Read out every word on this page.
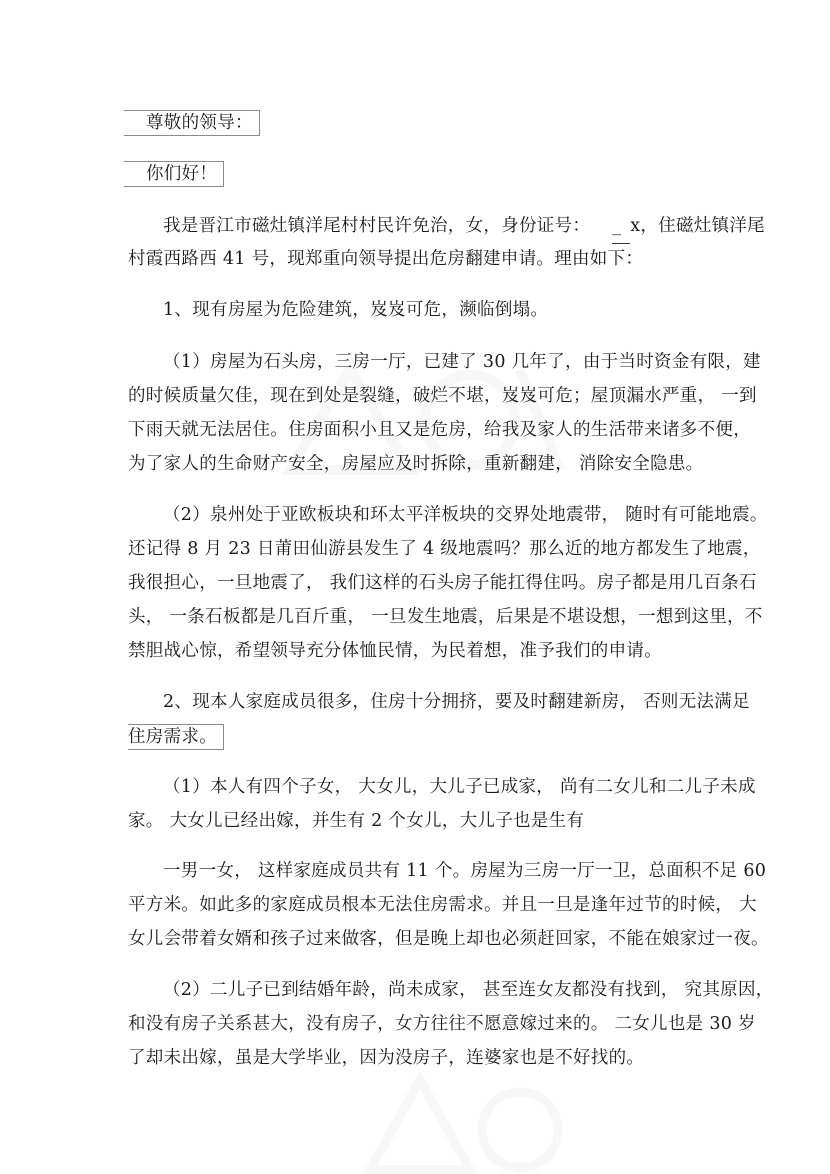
尊敬的领导：
你们好！
我是晋江市磁灶镇洋尾村村民许免治，女，身份证号： _ x，住磁灶镇洋尾
村霞西路西 41 号，现郑重向领导提出危房翻建申请。理由如下：
1、现有房屋为危险建筑，岌岌可危，濒临倒塌。
（1）房屋为石头房，三房一厅，已建了 30 几年了，由于当时资金有限，建
的时候质量欠佳，现在到处是裂缝，破烂不堪，岌岌可危；屋顶漏水严重， 一到
下雨天就无法居住。住房面积小且又是危房，给我及家人的生活带来诸多不便，
为了家人的生命财产安全，房屋应及时拆除，重新翻建， 消除安全隐患。
（2）泉州处于亚欧板块和环太平洋板块的交界处地震带， 随时有可能地震。
还记得 8 月 23 日莆田仙游县发生了 4 级地震吗？那么近的地方都发生了地震，
我很担心，一旦地震了， 我们这样的石头房子能扛得住吗。房子都是用几百条石
头， 一条石板都是几百斤重， 一旦发生地震，后果是不堪设想，一想到这里，不
禁胆战心惊，希望领导充分体恤民情，为民着想，准予我们的申请。
2、现本人家庭成员很多，住房十分拥挤，要及时翻建新房， 否则无法满足
住房需求。
（1）本人有四个子女， 大女儿，大儿子已成家， 尚有二女儿和二儿子未成
家。 大女儿已经出嫁，并生有 2 个女儿，大儿子也是生有
一男一女， 这样家庭成员共有 11 个。房屋为三房一厅一卫，总面积不足 60
平方米。如此多的家庭成员根本无法住房需求。并且一旦是逢年过节的时候， 大
女儿会带着女婿和孩子过来做客，但是晚上却也必须赶回家，不能在娘家过一夜。
（2）二儿子已到结婚年龄，尚未成家， 甚至连女友都没有找到， 究其原因，
和没有房子关系甚大，没有房子，女方往往不愿意嫁过来的。 二女儿也是 30 岁
了却未出嫁，虽是大学毕业，因为没房子，连婆家也是不好找的。
